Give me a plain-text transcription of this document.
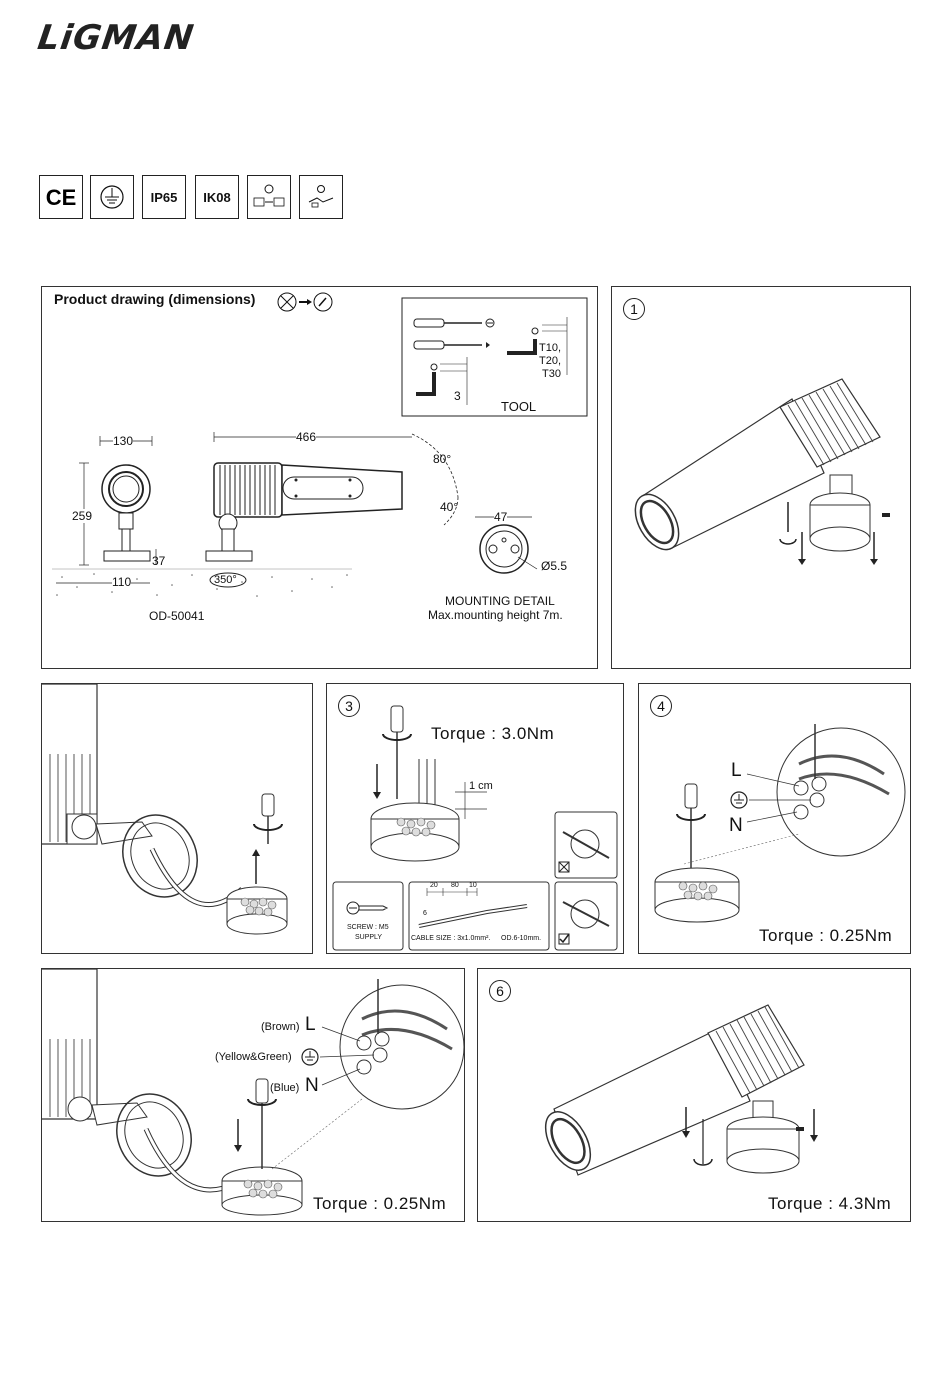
LiGMAN
CE	IP65 IK08
Product drawing (dimensions)
TOOL
T10,
T20,
T30
3
130	466
259
37
110	350°
80°
40°
47
Ø5.5
OD-50041
MOUNTING DETAIL
Max.mounting height 7m.
1
3
Torque : 3.0Nm
1 cm
SCREW : M5
SUPPLY
20 80 10
6
CABLE SIZE : 3x1.0mm². OD.6-10mm.
4
L
N
Torque : 0.25Nm
(Brown) L
(Yellow&Green)
(Blue) N
Torque : 0.25Nm
6
Torque : 4.3Nm
